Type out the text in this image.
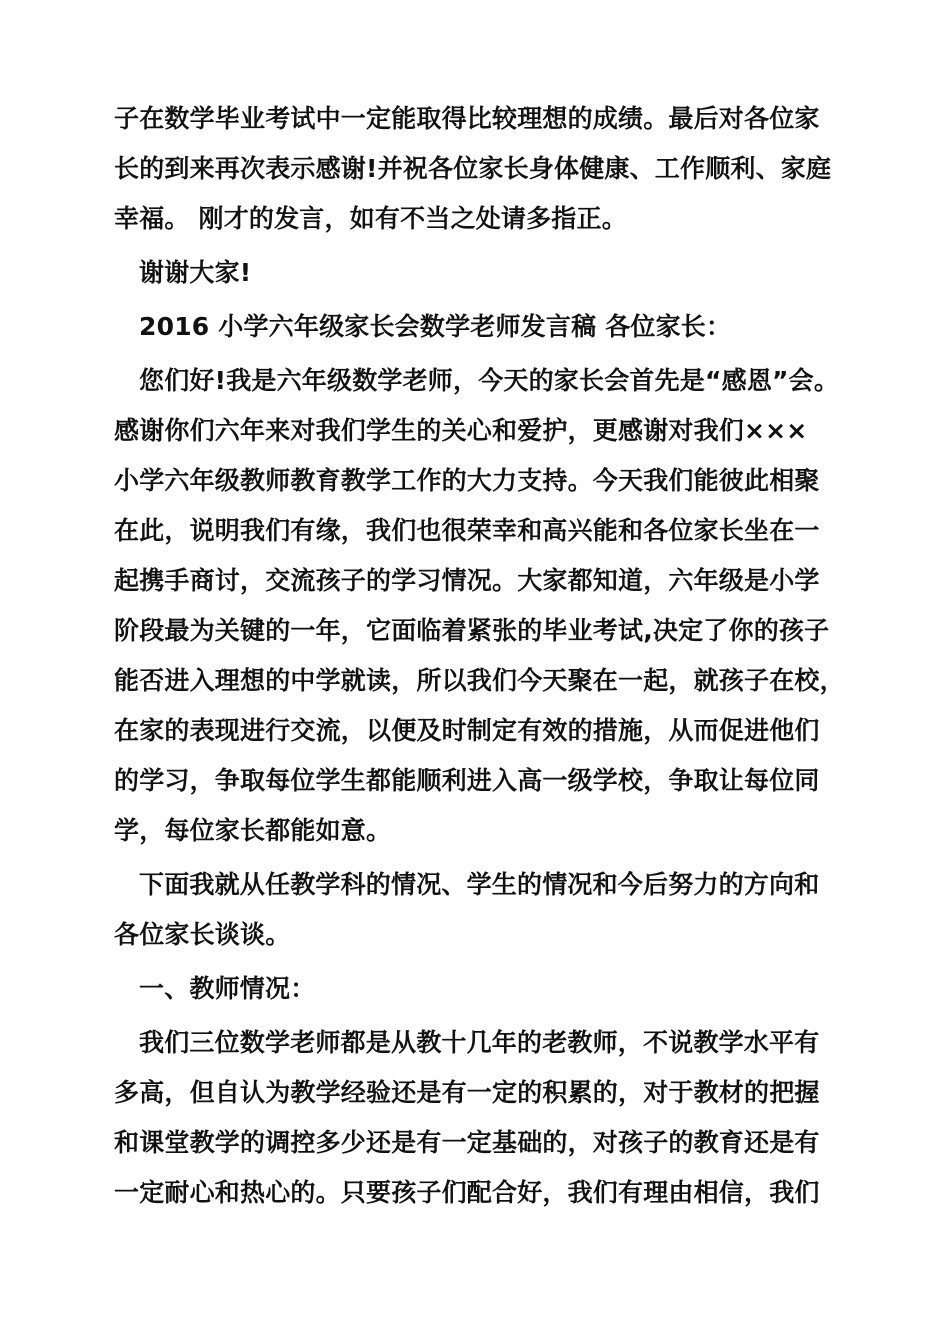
子在数学毕业考试中一定能取得比较理想的成绩。最后对各位家
长的到来再次表示感谢!并祝各位家长身体健康、工作顺利、家庭
幸福。 刚才的发言，如有不当之处请多指正。
谢谢大家!
2016 小学六年级家长会数学老师发言稿 各位家长：
您们好!我是六年级数学老师，今天的家长会首先是“感恩”会。
感谢你们六年来对我们学生的关心和爱护，更感谢对我们×××
小学六年级教师教育教学工作的大力支持。今天我们能彼此相聚
在此，说明我们有缘，我们也很荣幸和高兴能和各位家长坐在一
起携手商讨，交流孩子的学习情况。大家都知道，六年级是小学
阶段最为关键的一年，它面临着紧张的毕业考试,决定了你的孩子
能否进入理想的中学就读，所以我们今天聚在一起，就孩子在校，
在家的表现进行交流，以便及时制定有效的措施，从而促进他们
的学习，争取每位学生都能顺利进入高一级学校，争取让每位同
学，每位家长都能如意。
下面我就从任教学科的情况、学生的情况和今后努力的方向和
各位家长谈谈。
一、教师情况：
我们三位数学老师都是从教十几年的老教师，不说教学水平有
多高，但自认为教学经验还是有一定的积累的，对于教材的把握
和课堂教学的调控多少还是有一定基础的，对孩子的教育还是有
一定耐心和热心的。只要孩子们配合好，我们有理由相信，我们
